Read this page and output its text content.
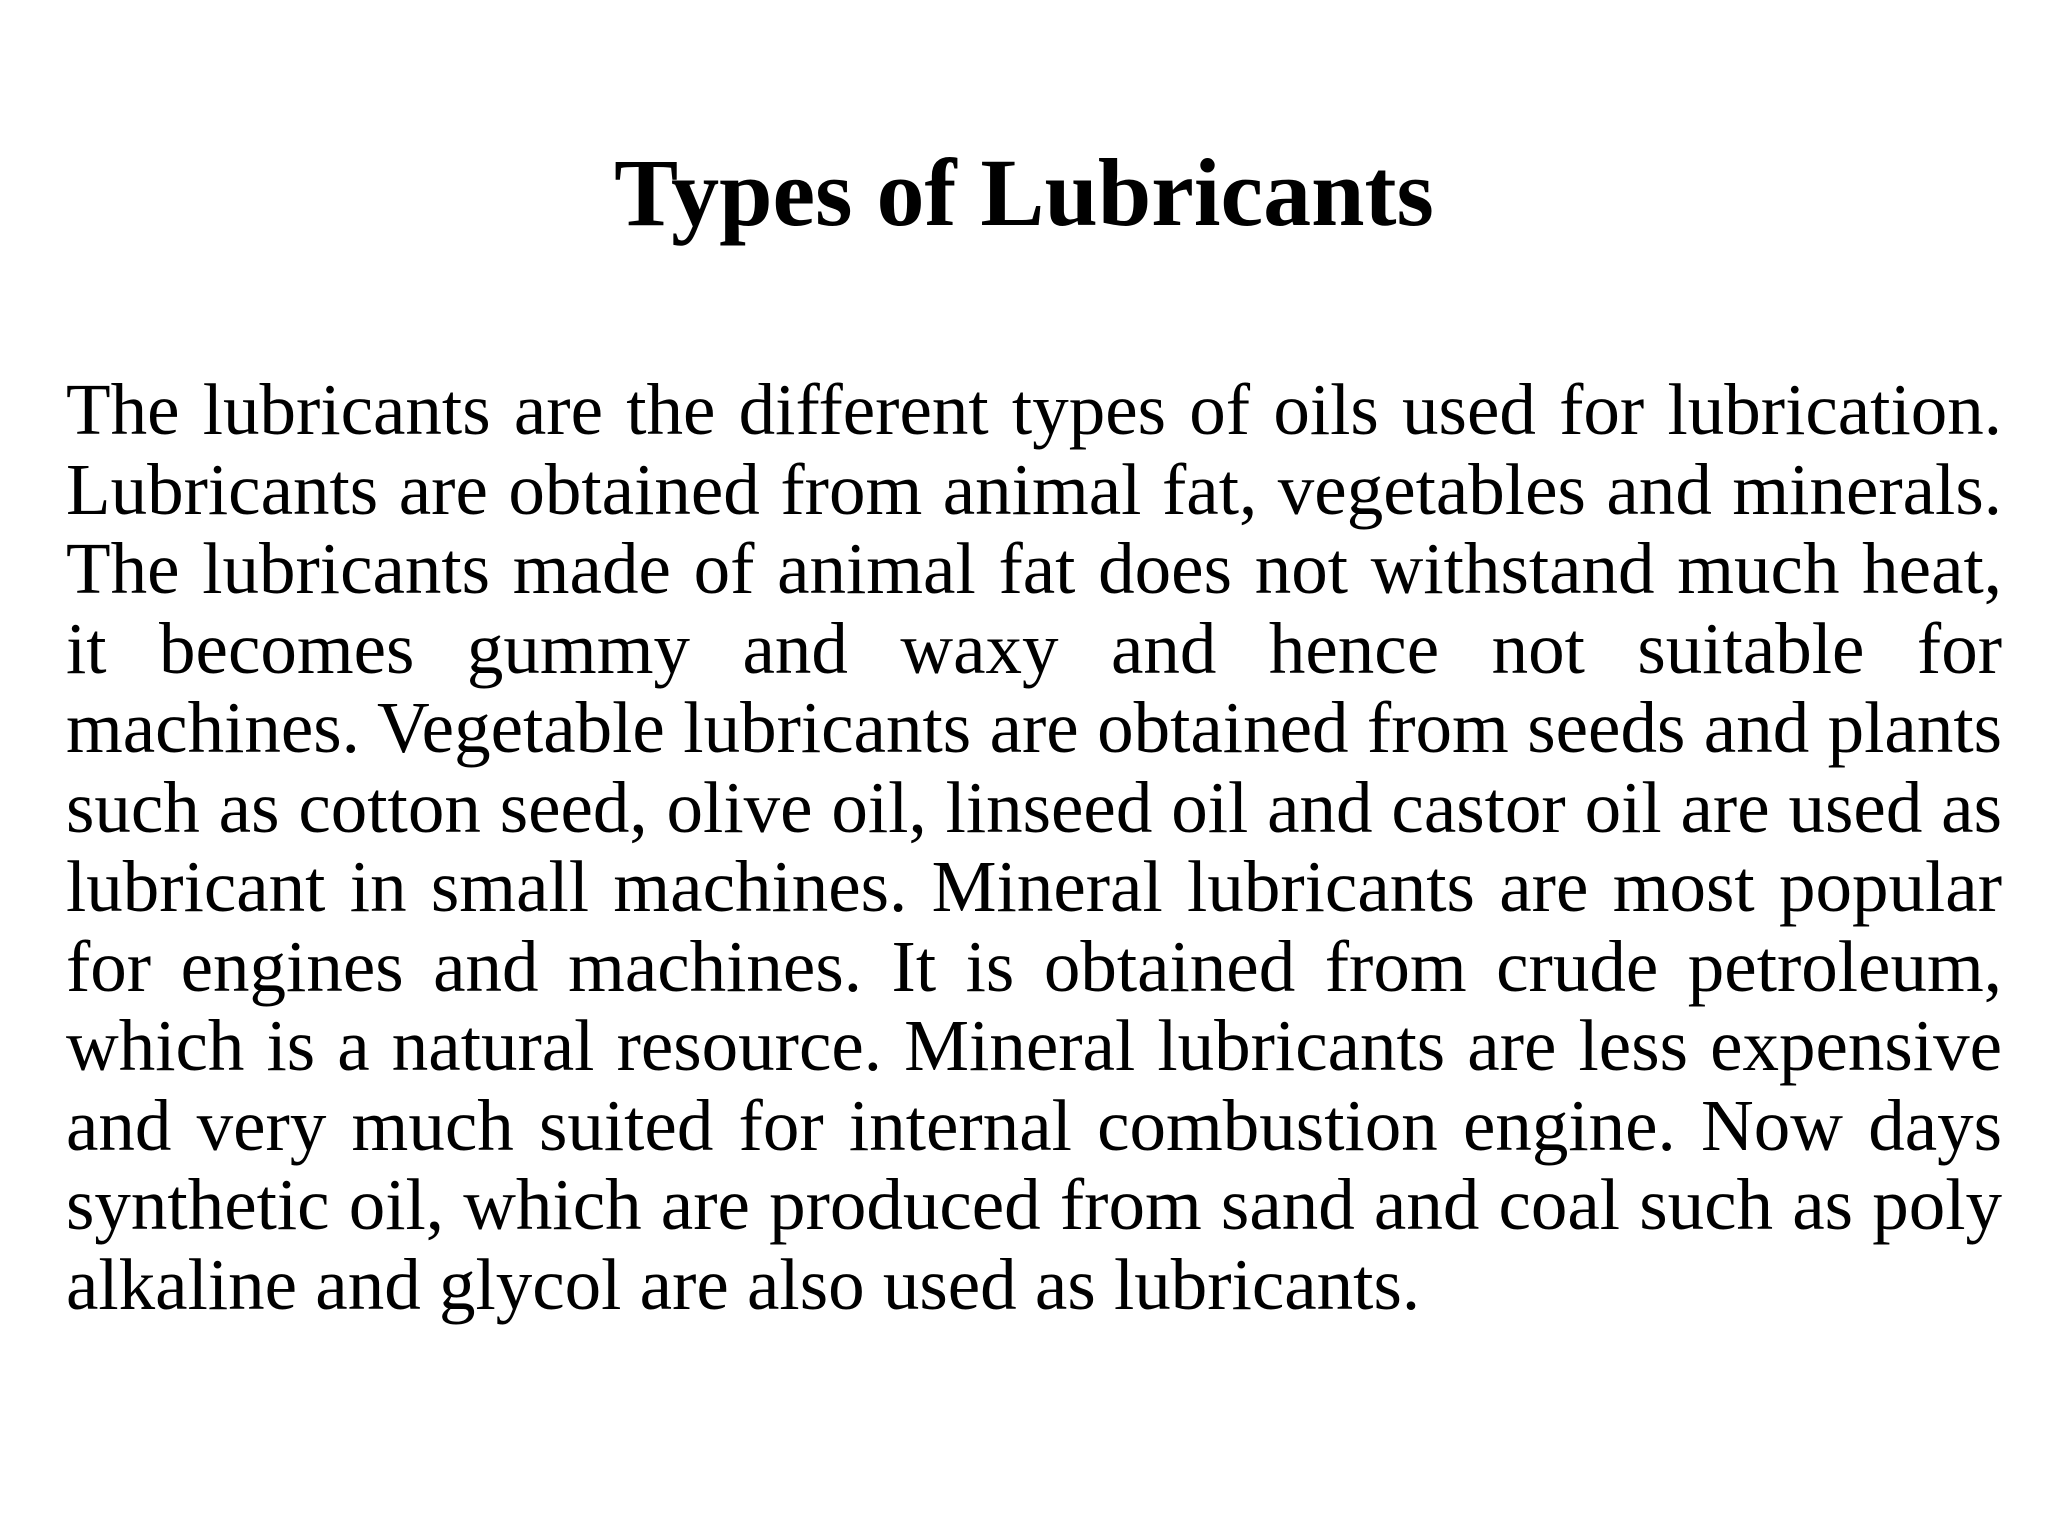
Types of Lubricants

The lubricants are the different types of oils used for lubrication. Lubricants are obtained from animal fat, vegetables and minerals. The lubricants made of animal fat does not withstand much heat, it becomes gummy and waxy and hence not suitable for machines. Vegetable lubricants are obtained from seeds and plants such as cotton seed, olive oil, linseed oil and castor oil are used as lubricant in small machines. Mineral lubricants are most popular for engines and machines. It is obtained from crude petroleum, which is a natural resource. Mineral lubricants are less expensive and very much suited for internal combustion engine. Now days synthetic oil, which are produced from sand and coal such as poly alkaline and glycol are also used as lubricants.
